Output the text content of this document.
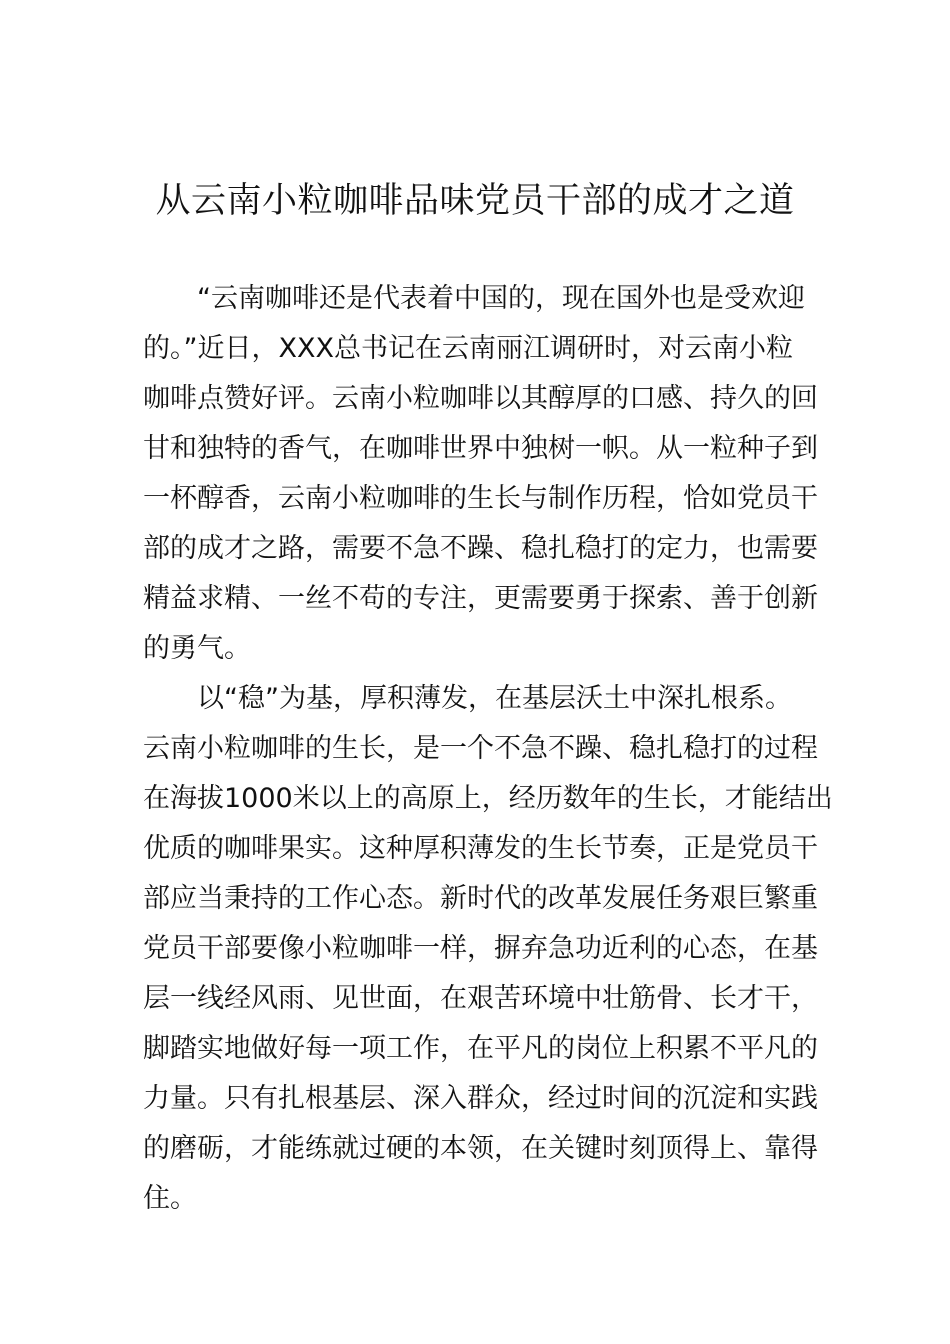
从云南小粒咖啡品味党员干部的成才之道
“云南咖啡还是代表着中国的，现在国外也是受欢迎
的。”近日，XXX总书记在云南丽江调研时，对云南小粒
咖啡点赞好评。云南小粒咖啡以其醇厚的口感、持久的回
甘和独特的香气，在咖啡世界中独树一帜。从一粒种子到
一杯醇香，云南小粒咖啡的生长与制作历程，恰如党员干
部的成才之路，需要不急不躁、稳扎稳打的定力，也需要
精益求精、一丝不苟的专注，更需要勇于探索、善于创新
的勇气。
以“稳”为基，厚积薄发，在基层沃土中深扎根系。
云南小粒咖啡的生长，是一个不急不躁、稳扎稳打的过程
在海拔1000米以上的高原上，经历数年的生长，才能结出
优质的咖啡果实。这种厚积薄发的生长节奏，正是党员干
部应当秉持的工作心态。新时代的改革发展任务艰巨繁重
党员干部要像小粒咖啡一样，摒弃急功近利的心态，在基
层一线经风雨、见世面，在艰苦环境中壮筋骨、长才干，
脚踏实地做好每一项工作，在平凡的岗位上积累不平凡的
力量。只有扎根基层、深入群众，经过时间的沉淀和实践
的磨砺，才能练就过硬的本领，在关键时刻顶得上、靠得
住。
